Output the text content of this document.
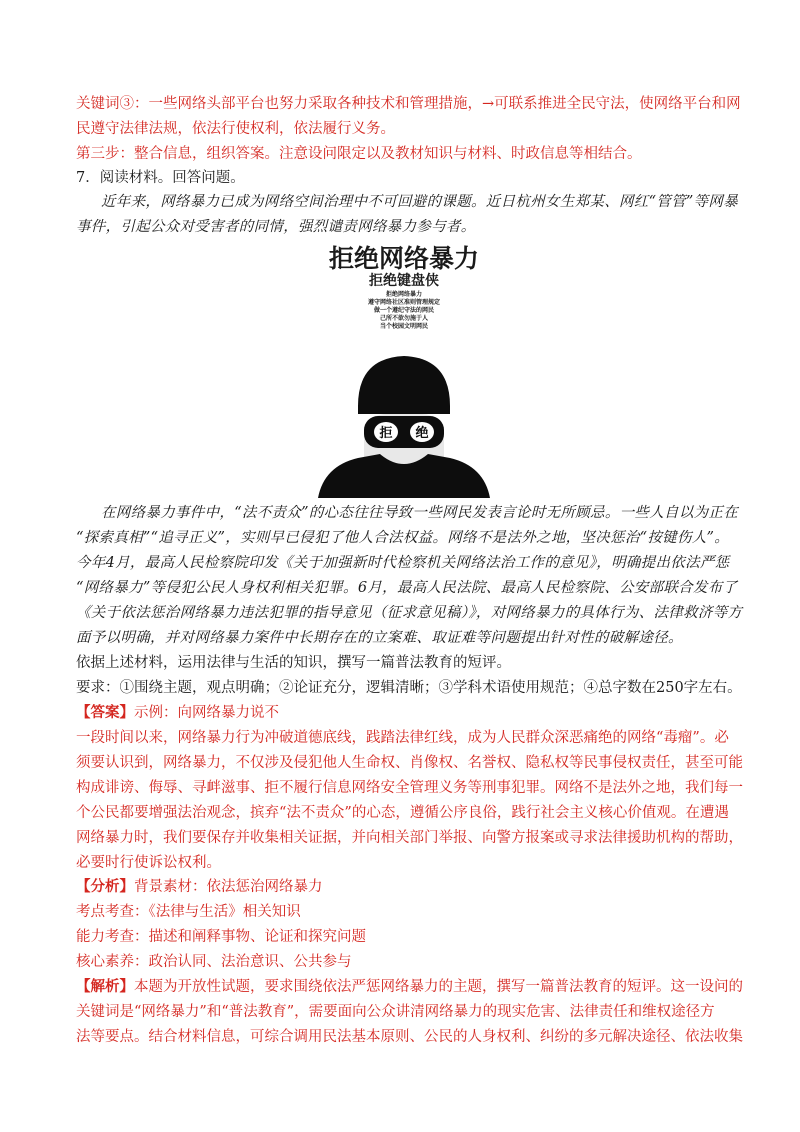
关键词③：一些网络头部平台也努力采取各种技术和管理措施，→可联系推进全民守法，使网络平台和网
民遵守法律法规，依法行使权利，依法履行义务。
第三步：整合信息，组织答案。注意设问限定以及教材知识与材料、时政信息等相结合。
7．阅读材料。回答问题。
近年来，网络暴力已成为网络空间治理中不可回避的课题。近日杭州女生郑某、网红“管管”等网暴
事件，引起公众对受害者的同情，强烈谴责网络暴力参与者。
拒绝网络暴力
拒绝键盘侠
拒绝网络暴力
遵守网络社区准则管理规定
做一个遵纪守法的网民
己所不欲勿施于人
当个校园文明网民
拒 绝
在网络暴力事件中，“法不责众”的心态往往导致一些网民发表言论时无所顾忌。一些人自以为正在
“探索真相”“追寻正义”，实则早已侵犯了他人合法权益。网络不是法外之地，坚决惩治“按键伤人”。
今年4月，最高人民检察院印发《关于加强新时代检察机关网络法治工作的意见》，明确提出依法严惩
“网络暴力”等侵犯公民人身权利相关犯罪。6月，最高人民法院、最高人民检察院、公安部联合发布了
《关于依法惩治网络暴力违法犯罪的指导意见（征求意见稿）》，对网络暴力的具体行为、法律救济等方
面予以明确，并对网络暴力案件中长期存在的立案难、取证难等问题提出针对性的破解途径。
依据上述材料，运用法律与生活的知识，撰写一篇普法教育的短评。
要求：①围绕主题，观点明确；②论证充分，逻辑清晰；③学科术语使用规范；④总字数在250字左右。
【答案】示例：向网络暴力说不
一段时间以来，网络暴力行为冲破道德底线，践踏法律红线，成为人民群众深恶痛绝的网络“毒瘤”。必
须要认识到，网络暴力，不仅涉及侵犯他人生命权、肖像权、名誉权、隐私权等民事侵权责任，甚至可能
构成诽谤、侮辱、寻衅滋事、拒不履行信息网络安全管理义务等刑事犯罪。网络不是法外之地，我们每一
个公民都要增强法治观念，摈弃“法不责众”的心态，遵循公序良俗，践行社会主义核心价值观。在遭遇
网络暴力时，我们要保存并收集相关证据，并向相关部门举报、向警方报案或寻求法律援助机构的帮助，
必要时行使诉讼权利。
【分析】背景素材：依法惩治网络暴力
考点考查：《法律与生活》相关知识
能力考查：描述和阐释事物、论证和探究问题
核心素养：政治认同、法治意识、公共参与
【解析】本题为开放性试题，要求围绕依法严惩网络暴力的主题，撰写一篇普法教育的短评。这一设问的
关键词是“网络暴力”和“普法教育”，需要面向公众讲清网络暴力的现实危害、法律责任和维权途径方
法等要点。结合材料信息，可综合调用民法基本原则、公民的人身权利、纠纷的多元解决途径、依法收集
